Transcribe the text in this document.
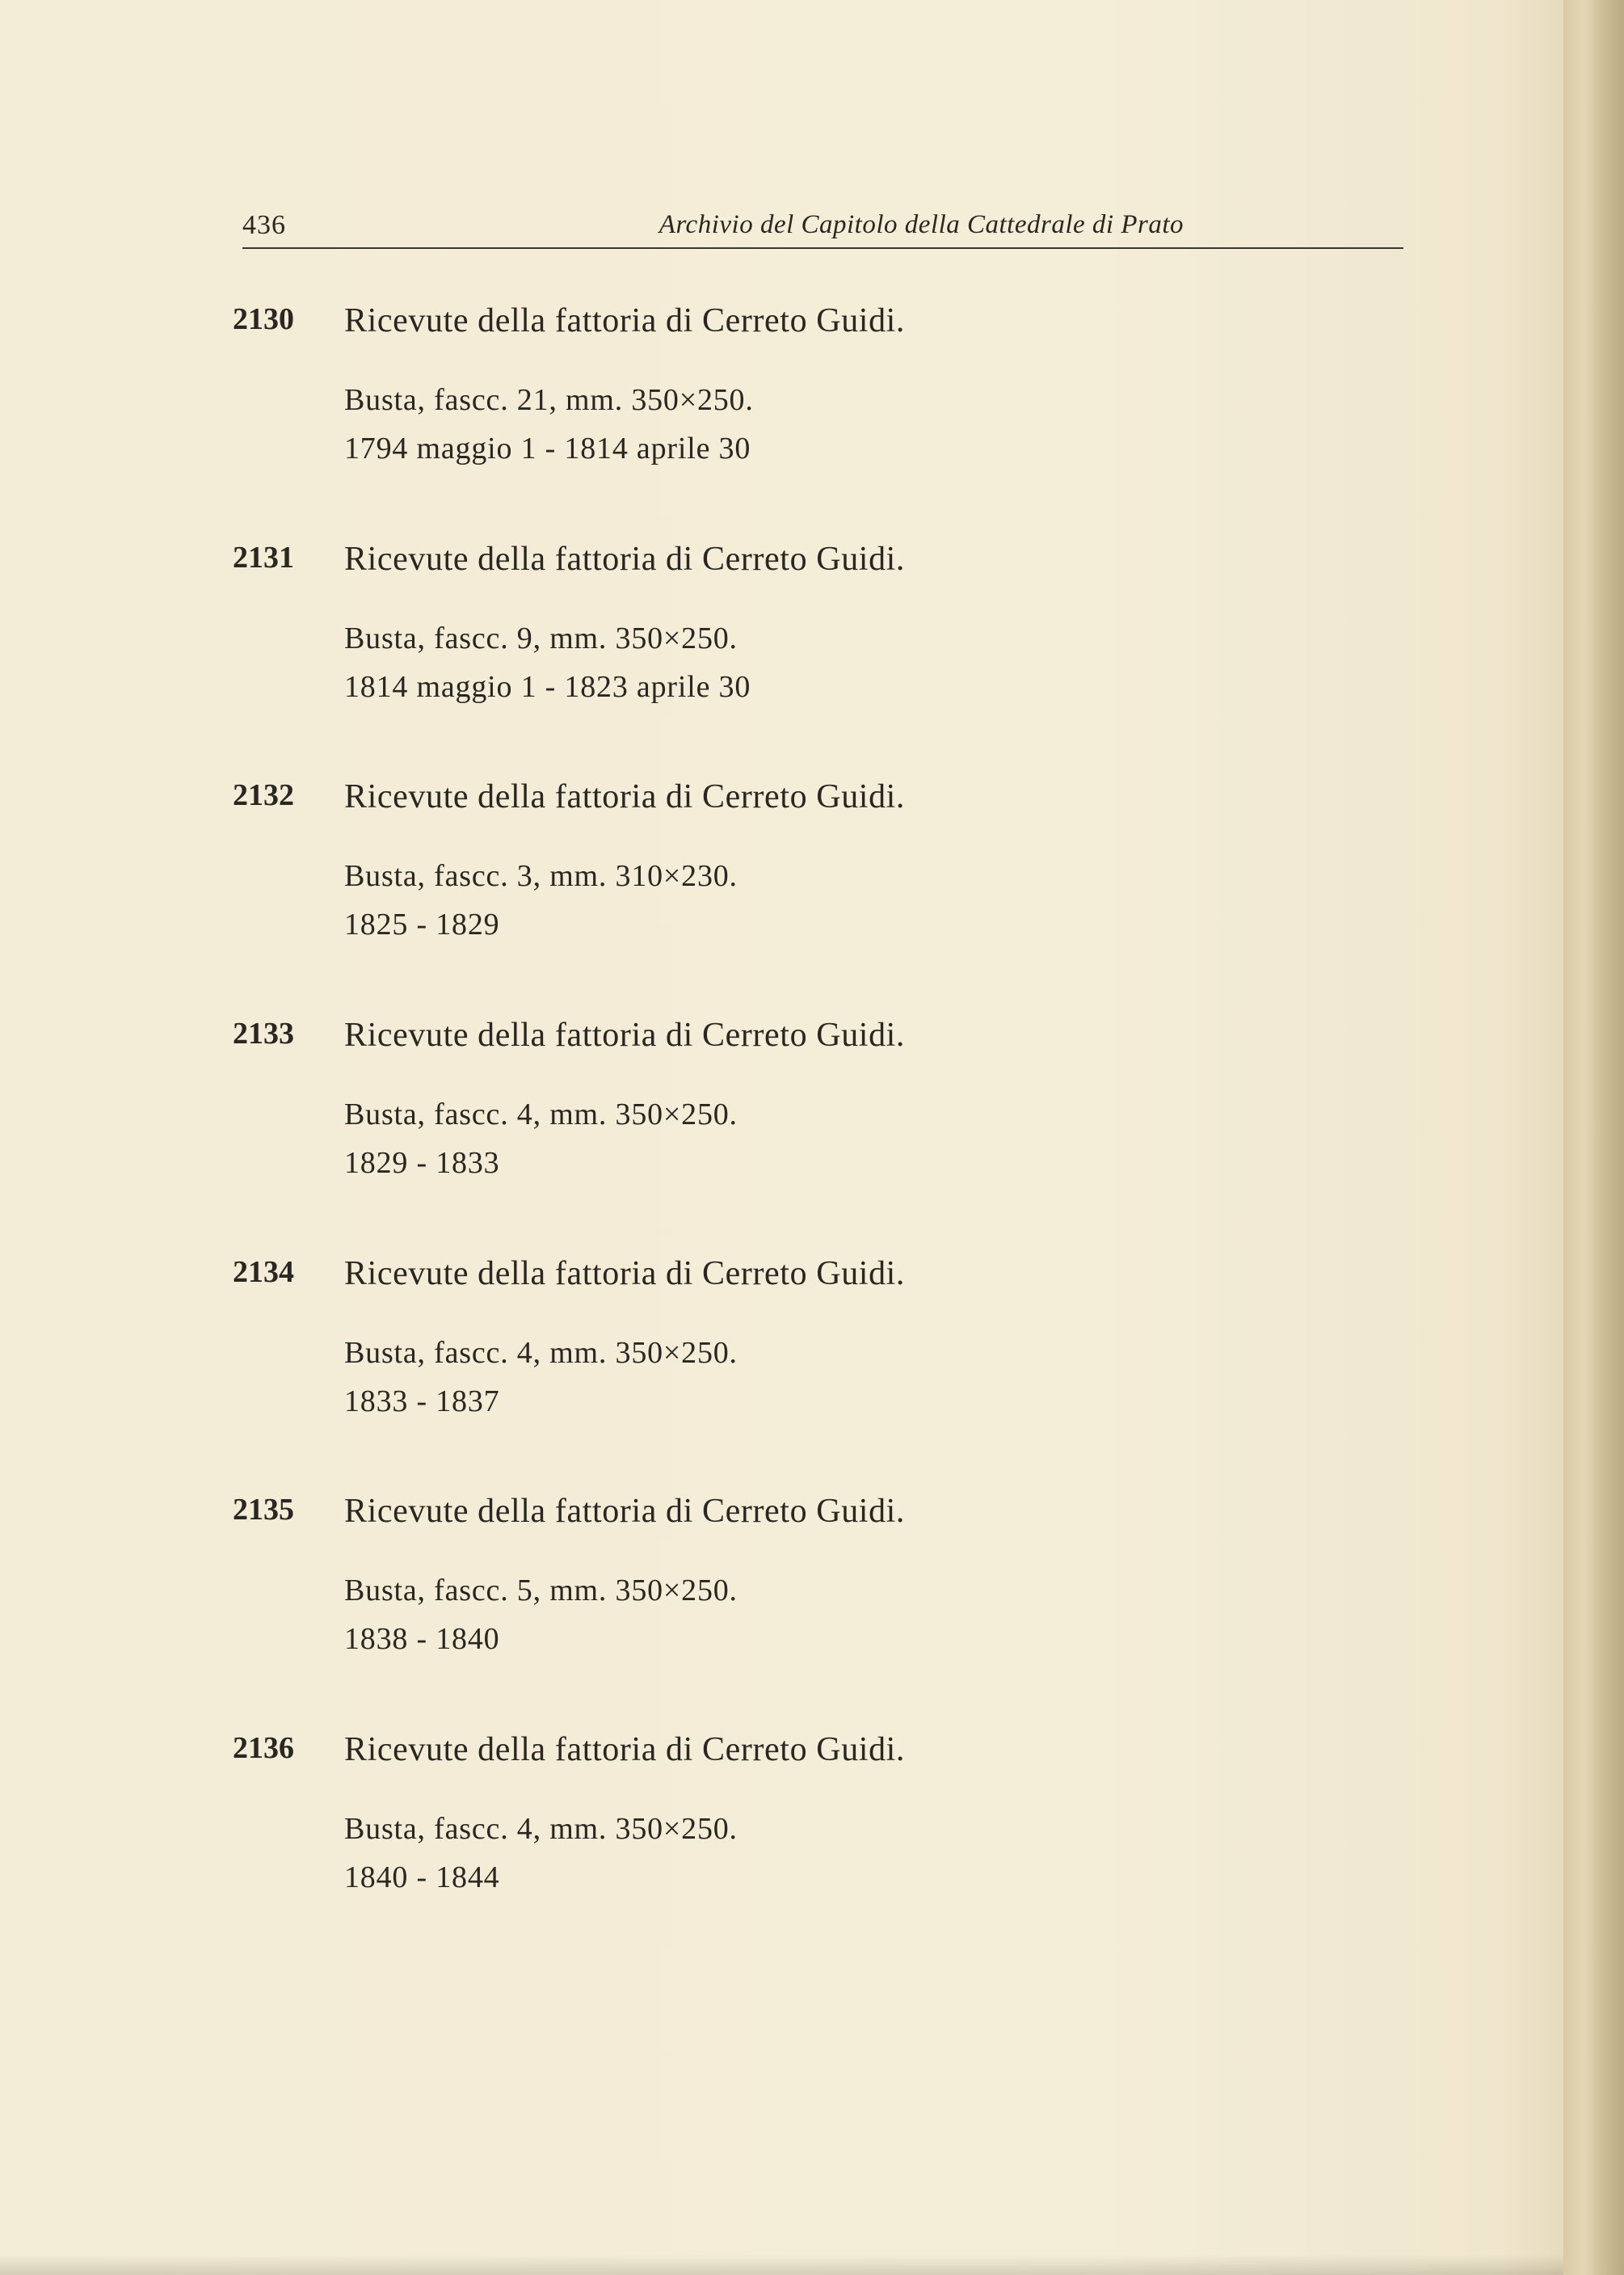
436	Archivio del Capitolo della Cattedrale di Prato
2130 Ricevute della fattoria di Cerreto Guidi.
Busta, fascc. 21, mm. 350×250.
1794 maggio 1 - 1814 aprile 30
2131 Ricevute della fattoria di Cerreto Guidi.
Busta, fascc. 9, mm. 350×250.
1814 maggio 1 - 1823 aprile 30
2132 Ricevute della fattoria di Cerreto Guidi.
Busta, fascc. 3, mm. 310×230.
1825 - 1829
2133 Ricevute della fattoria di Cerreto Guidi.
Busta, fascc. 4, mm. 350×250.
1829 - 1833
2134 Ricevute della fattoria di Cerreto Guidi.
Busta, fascc. 4, mm. 350×250.
1833 - 1837
2135 Ricevute della fattoria di Cerreto Guidi.
Busta, fascc. 5, mm. 350×250.
1838 - 1840
2136 Ricevute della fattoria di Cerreto Guidi.
Busta, fascc. 4, mm. 350×250.
1840 - 1844
